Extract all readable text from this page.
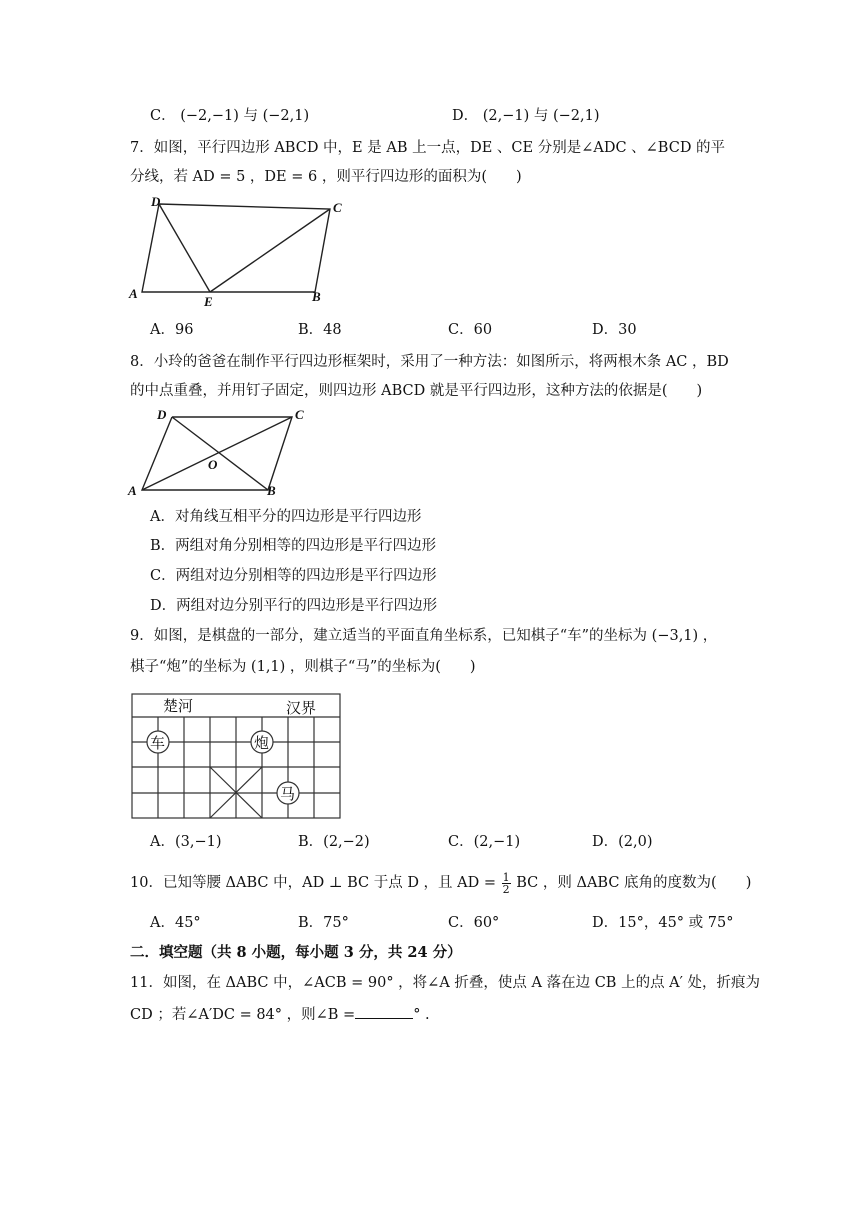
C． (−2,−1) 与 (−2,1)	D． (2,−1) 与 (−2,1)
7．如图，平行四边形 ABCD 中，E 是 AB 上一点，DE 、CE 分别是∠ADC 、∠BCD 的平
分线，若 AD = 5 ，DE = 6 ，则平行四边形的面积为(　　)
D	C
A
E	B
A．96	B．48	C．60	D．30
8．小玲的爸爸在制作平行四边形框架时，采用了一种方法：如图所示，将两根木条 AC ，BD
的中点重叠，并用钉子固定，则四边形 ABCD 就是平行四边形，这种方法的依据是(　　)
D	C
A	B
O
A．对角线互相平分的四边形是平行四边形
B．两组对角分别相等的四边形是平行四边形
C．两组对边分别相等的四边形是平行四边形
D．两组对边分别平行的四边形是平行四边形
9．如图，是棋盘的一部分，建立适当的平面直角坐标系，已知棋子“车”的坐标为 (−3,1) ，
棋子“炮”的坐标为 (1,1) ，则棋子“马”的坐标为(　　)
楚河	汉界
车	炮
马
A．(3,−1)	B．(2,−2)	C．(2,−1)	D．(2,0)
10．已知等腰 ΔABC 中，AD ⊥ BC 于点 D ，且 AD = $\frac{1}{2}$ BC ，则 ΔABC 底角的度数为(　　)
A．45°	B．75°	C．60°	D．15°，45° 或 75°
二．填空题（共 8 小题，每小题 3 分，共 24 分）
11．如图，在 ΔABC 中，∠ACB = 90° ，将∠A 折叠，使点 A 落在边 CB 上的点 A′ 处，折痕为
CD ；若∠A′DC = 84° ，则∠B =	° .
